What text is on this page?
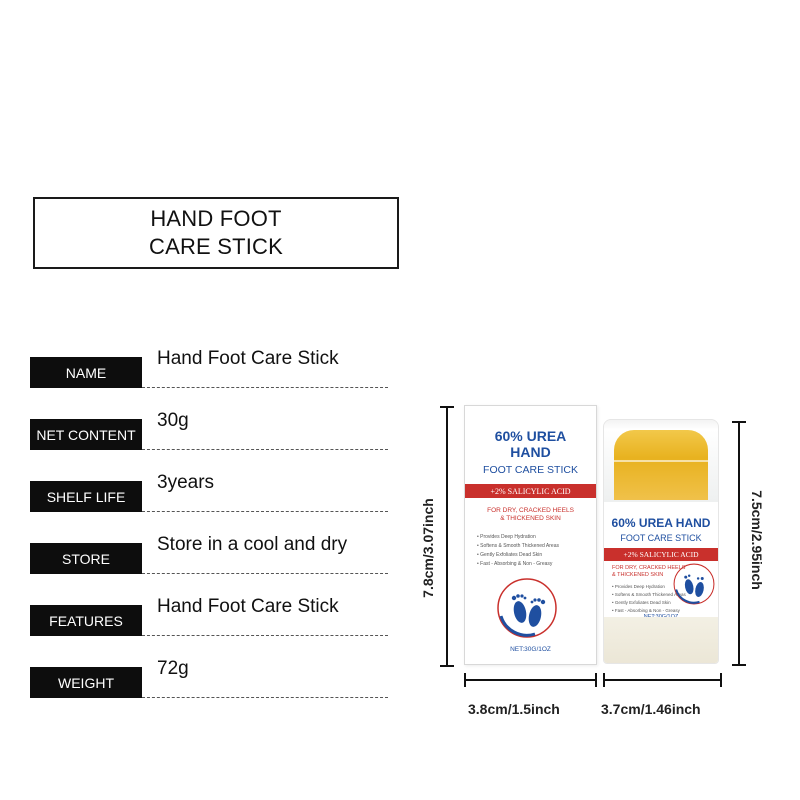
HAND FOOT
CARE STICK
NAME
Hand Foot Care Stick
NET CONTENT
30g
SHELF LIFE
3years
STORE
Store in a cool and dry
FEATURES
Hand Foot Care Stick
WEIGHT
72g
60% UREA
HAND
FOOT CARE STICK
+2% SALICYLIC ACID
FOR DRY, CRACKED HEELS
& THICKENED SKIN
• Provides Deep Hydration
• Softens & Smooth Thickened Areas
• Gently Exfoliates Dead Skin
• Fast - Absorbing & Non - Greasy
NET:30G/1OZ
60% UREA HAND
FOOT CARE STICK
+2% SALICYLIC ACID
FOR DRY, CRACKED HEELS
& THICKENED SKIN
• Provides Deep Hydration
• Softens & Smooth Thickened Areas
• Gently Exfoliates Dead Skin
• Fast - Absorbing & Non - Greasy
7.8cm/3.07inch	7.5cm/2.95inch
3.8cm/1.5inch	3.7cm/1.46inch
